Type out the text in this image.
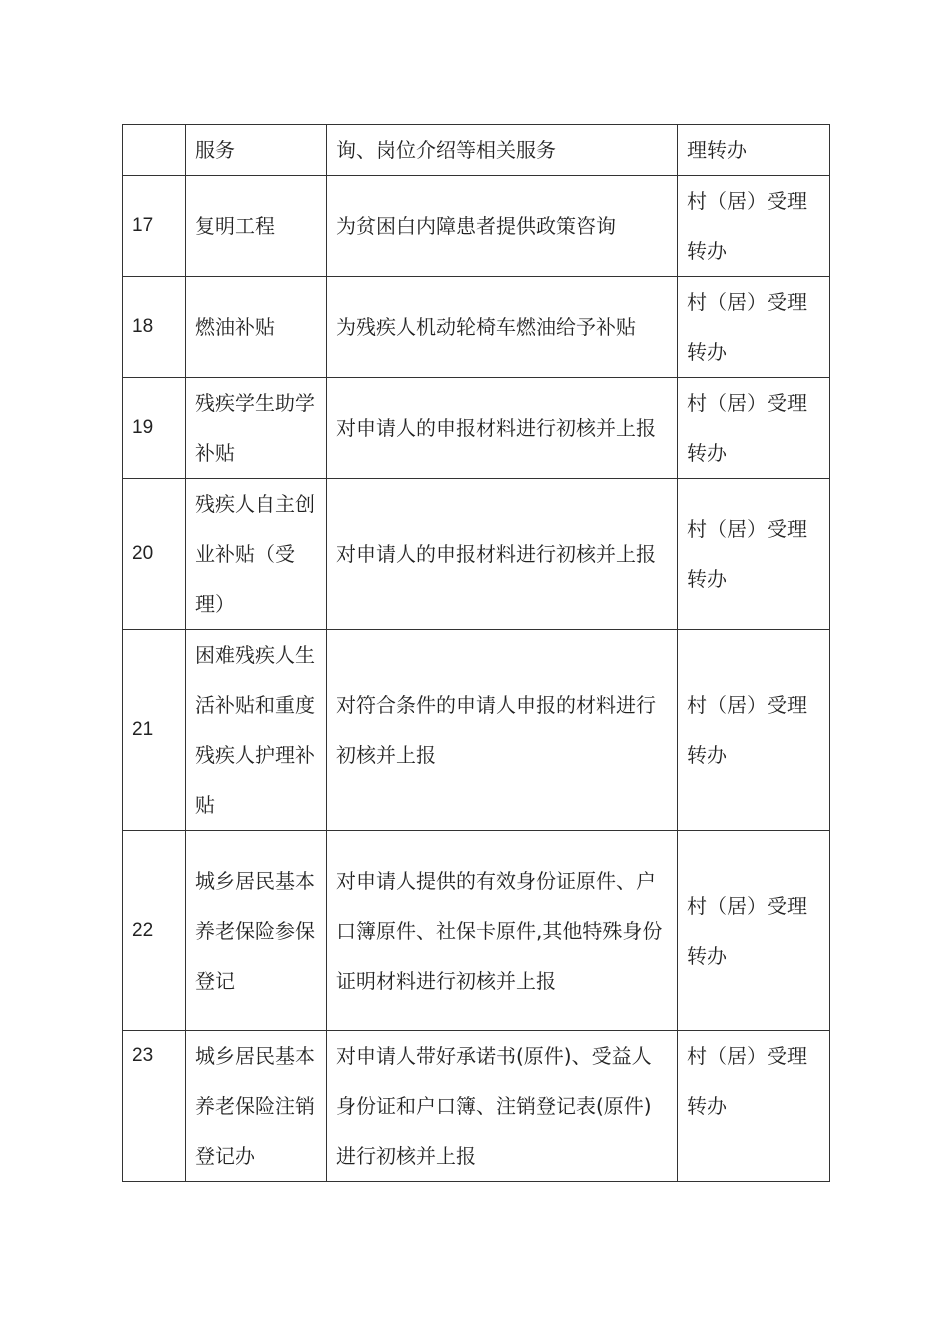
	服务	询、岗位介绍等相关服务	理转办
17	复明工程	为贫困白内障患者提供政策咨询	村（居）受理转办
18	燃油补贴	为残疾人机动轮椅车燃油给予补贴	村（居）受理转办
19	残疾学生助学补贴	对申请人的申报材料进行初核并上报	村（居）受理转办
20	残疾人自主创业补贴（受理）	对申请人的申报材料进行初核并上报	村（居）受理转办
21	困难残疾人生活补贴和重度残疾人护理补贴	对符合条件的申请人申报的材料进行初核并上报	村（居）受理转办
22	城乡居民基本养老保险参保登记	对申请人提供的有效身份证原件、户口簿原件、社保卡原件,其他特殊身份证明材料进行初核并上报	村（居）受理转办
23	城乡居民基本养老保险注销登记办	对申请人带好承诺书(原件)、受益人身份证和户口簿、注销登记表(原件)进行初核并上报	村（居）受理转办
